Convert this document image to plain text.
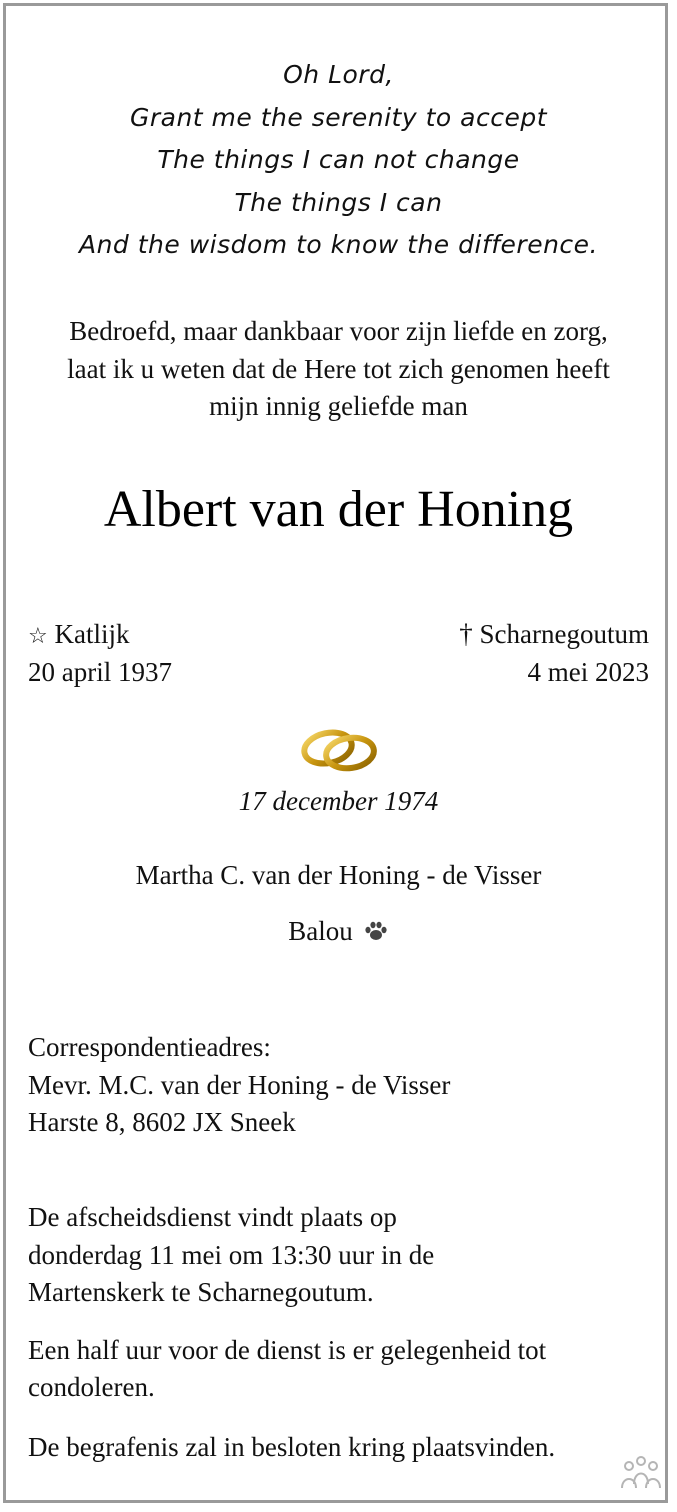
Oh Lord,
Grant me the serenity to accept
The things I can not change
The things I can
And the wisdom to know the difference.
Bedroefd, maar dankbaar voor zijn liefde en zorg,
laat ik u weten dat de Here tot zich genomen heeft
mijn innig geliefde man
Albert van der Honing
☆ Katlijk
20 april 1937
† Scharnegoutum
4 mei 2023
17 december 1974
Martha C. van der Honing - de Visser
Balou
Correspondentieadres:
Mevr. M.C. van der Honing - de Visser
Harste 8, 8602 JX Sneek
De afscheidsdienst vindt plaats op
donderdag 11 mei om 13:30 uur in de
Martenskerk te Scharnegoutum.
Een half uur voor de dienst is er gelegenheid tot
condoleren.
De begrafenis zal in besloten kring plaatsvinden.
